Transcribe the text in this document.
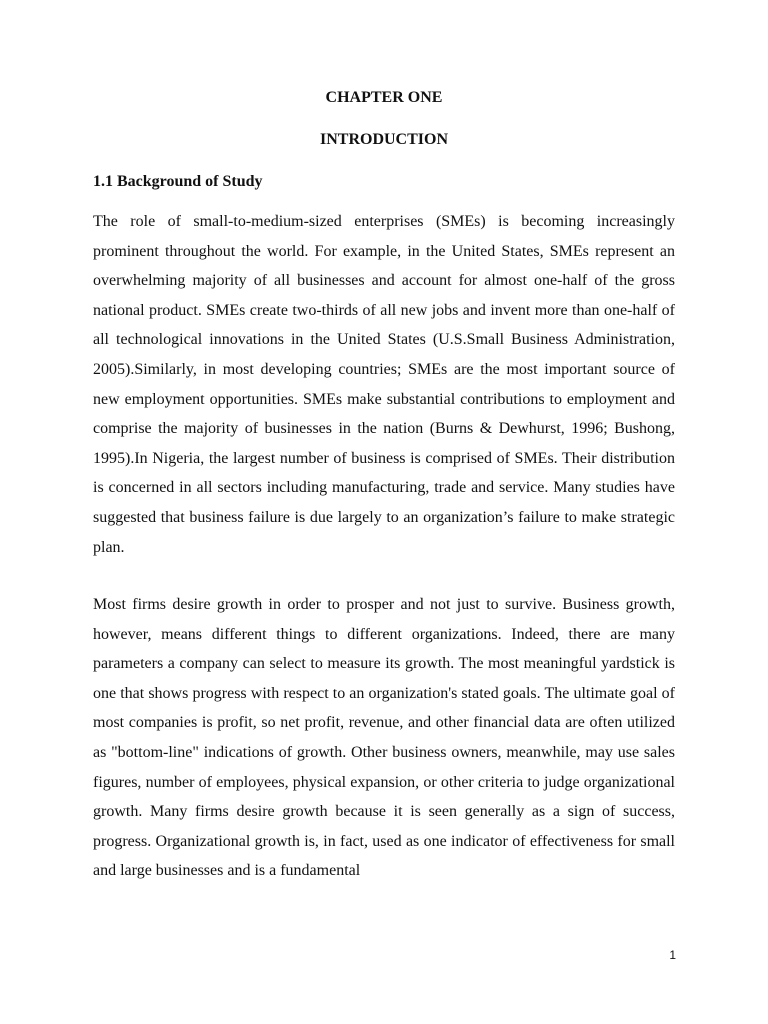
CHAPTER ONE
INTRODUCTION
1.1 Background of Study

The role of small-to-medium-sized enterprises (SMEs) is becoming increasingly prominent throughout the world. For example, in the United States, SMEs represent an overwhelming majority of all businesses and account for almost one-half of the gross national product. SMEs create two-thirds of all new jobs and invent more than one-half of all technological innovations in the United States (U.S.Small Business Administration, 2005).Similarly, in most developing countries; SMEs are the most important source of new employment opportunities. SMEs make substantial contributions to employment and comprise the majority of businesses in the nation (Burns & Dewhurst, 1996; Bushong, 1995).In Nigeria, the largest number of business is comprised of SMEs. Their distribution is concerned in all sectors including manufacturing, trade and service. Many studies have suggested that business failure is due largely to an organization’s failure to make strategic plan.

Most firms desire growth in order to prosper and not just to survive. Business growth, however, means different things to different organizations. Indeed, there are many parameters a company can select to measure its growth. The most meaningful yardstick is one that shows progress with respect to an organization's stated goals. The ultimate goal of most companies is profit, so net profit, revenue, and other financial data are often utilized as "bottom-line" indications of growth. Other business owners, meanwhile, may use sales figures, number of employees, physical expansion, or other criteria to judge organizational growth. Many firms desire growth because it is seen generally as a sign of success, progress. Organizational growth is, in fact, used as one indicator of effectiveness for small and large businesses and is a fundamental

1
